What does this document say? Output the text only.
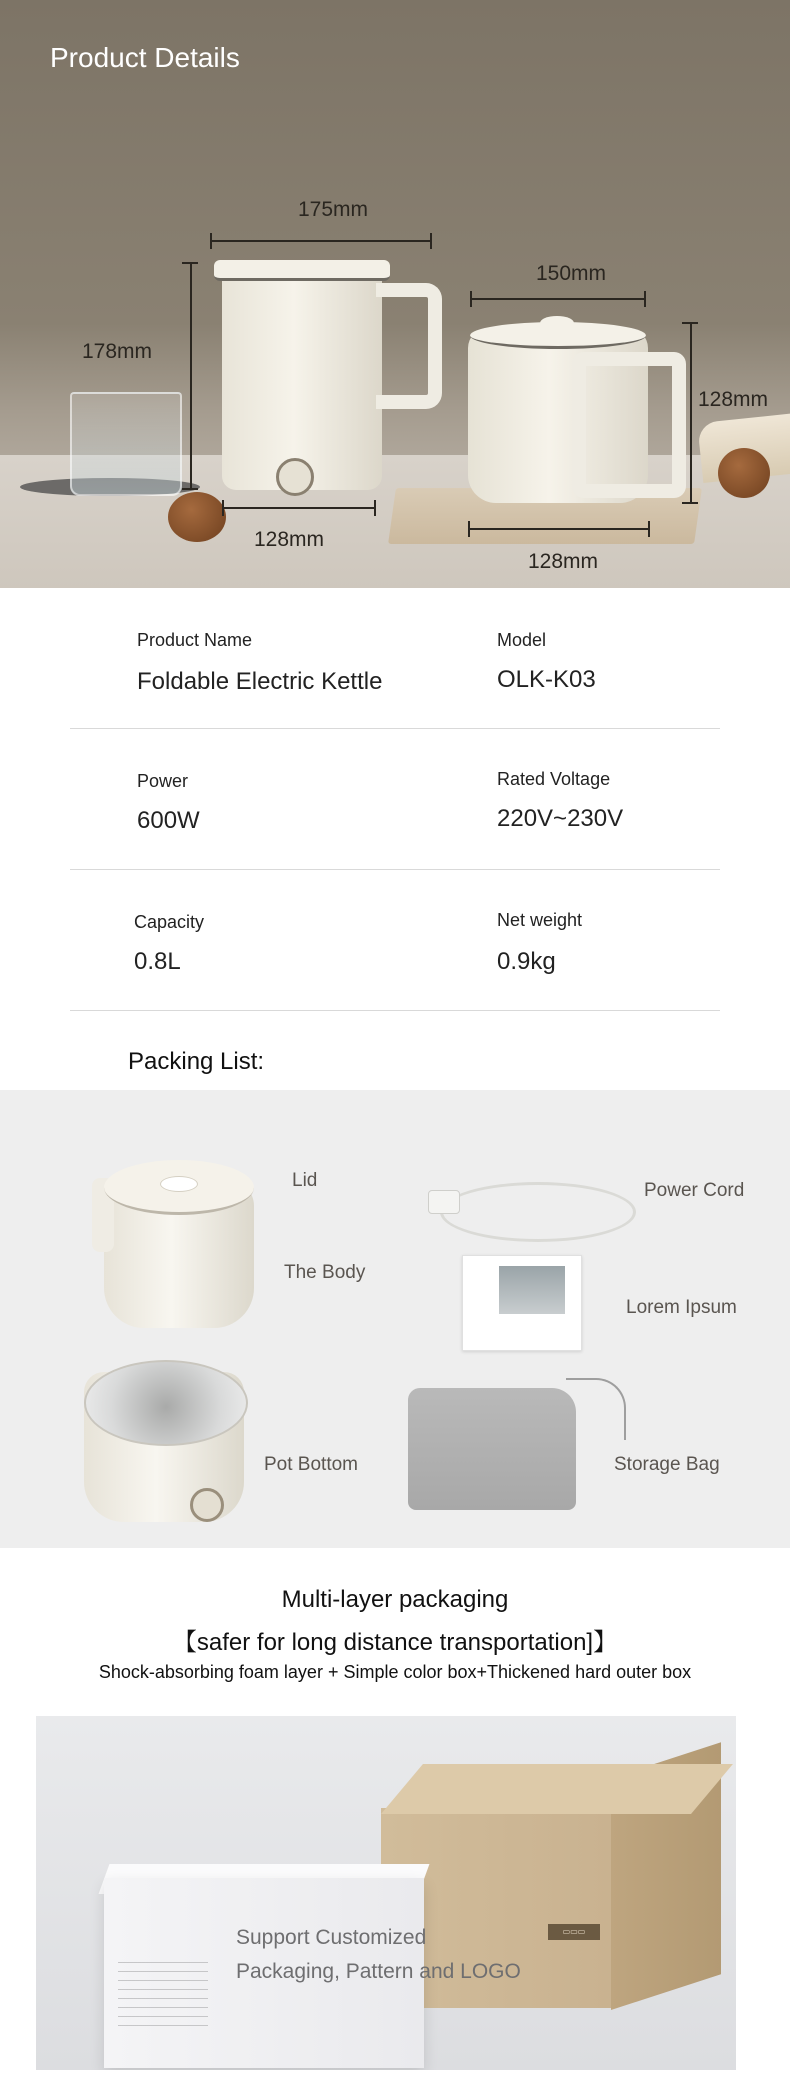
Product Details
175mm
178mm
128mm
150mm
128mm
128mm
Product Name
Foldable Electric Kettle
Model
OLK-K03
Power
600W
Rated Voltage
220V~230V
Capacity
0.8L
Net weight
0.9kg
Packing List:
Lid
The Body
Pot Bottom
Power Cord
Lorem Ipsum
Storage Bag
Multi-layer packaging
【safer for long distance transportation]】
Shock-absorbing foam layer + Simple color box+Thickened hard outer box
▭▭▭
Support Customized
Packaging, Pattern and LOGO
